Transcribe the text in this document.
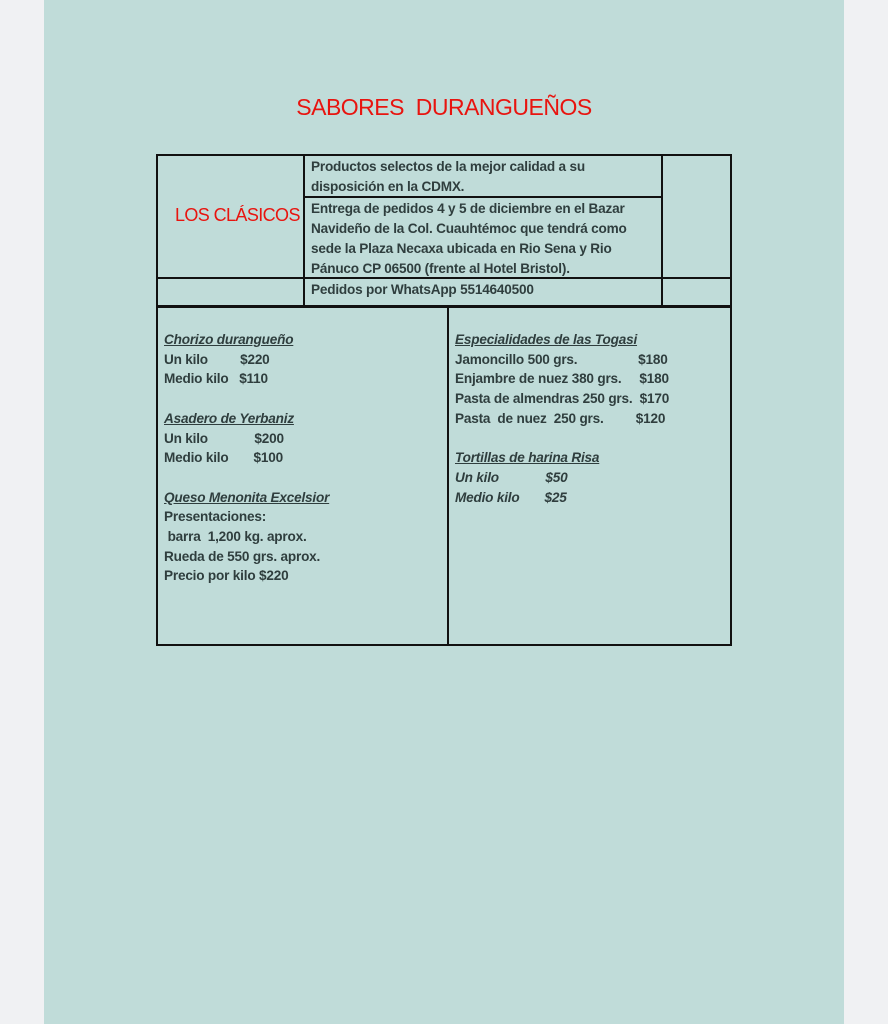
SABORES  DURANGUEÑOS
LOS CLÁSICOS
Productos selectos de la mejor calidad a su
disposición en la CDMX.
Entrega de pedidos 4 y 5 de diciembre en el Bazar
Navideño de la Col. Cuauhtémoc que tendrá como
sede la Plaza Necaxa ubicada en Rio Sena y Rio
Pánuco CP 06500 (frente al Hotel Bristol).
Pedidos por WhatsApp 5514640500
Chorizo duranguеño
Un kilo         $220
Medio kilo   $110
Asadero de Yerbaniz
Un kilo             $200
Medio kilo       $100
Queso Menonita Excelsior
Presentaciones:
barra  1,200 kg. aprox.
Rueda de 550 grs. aprox.
Precio por kilo $220
Especialidades de las Togasi
Jamoncillo 500 grs.                 $180
Enjambre de nuez 380 grs.     $180
Pasta de almendras 250 grs.  $170
Pasta  de nuez  250 grs.         $120
Tortillas de harina Risa
Un kilo             $50
Medio kilo       $25
